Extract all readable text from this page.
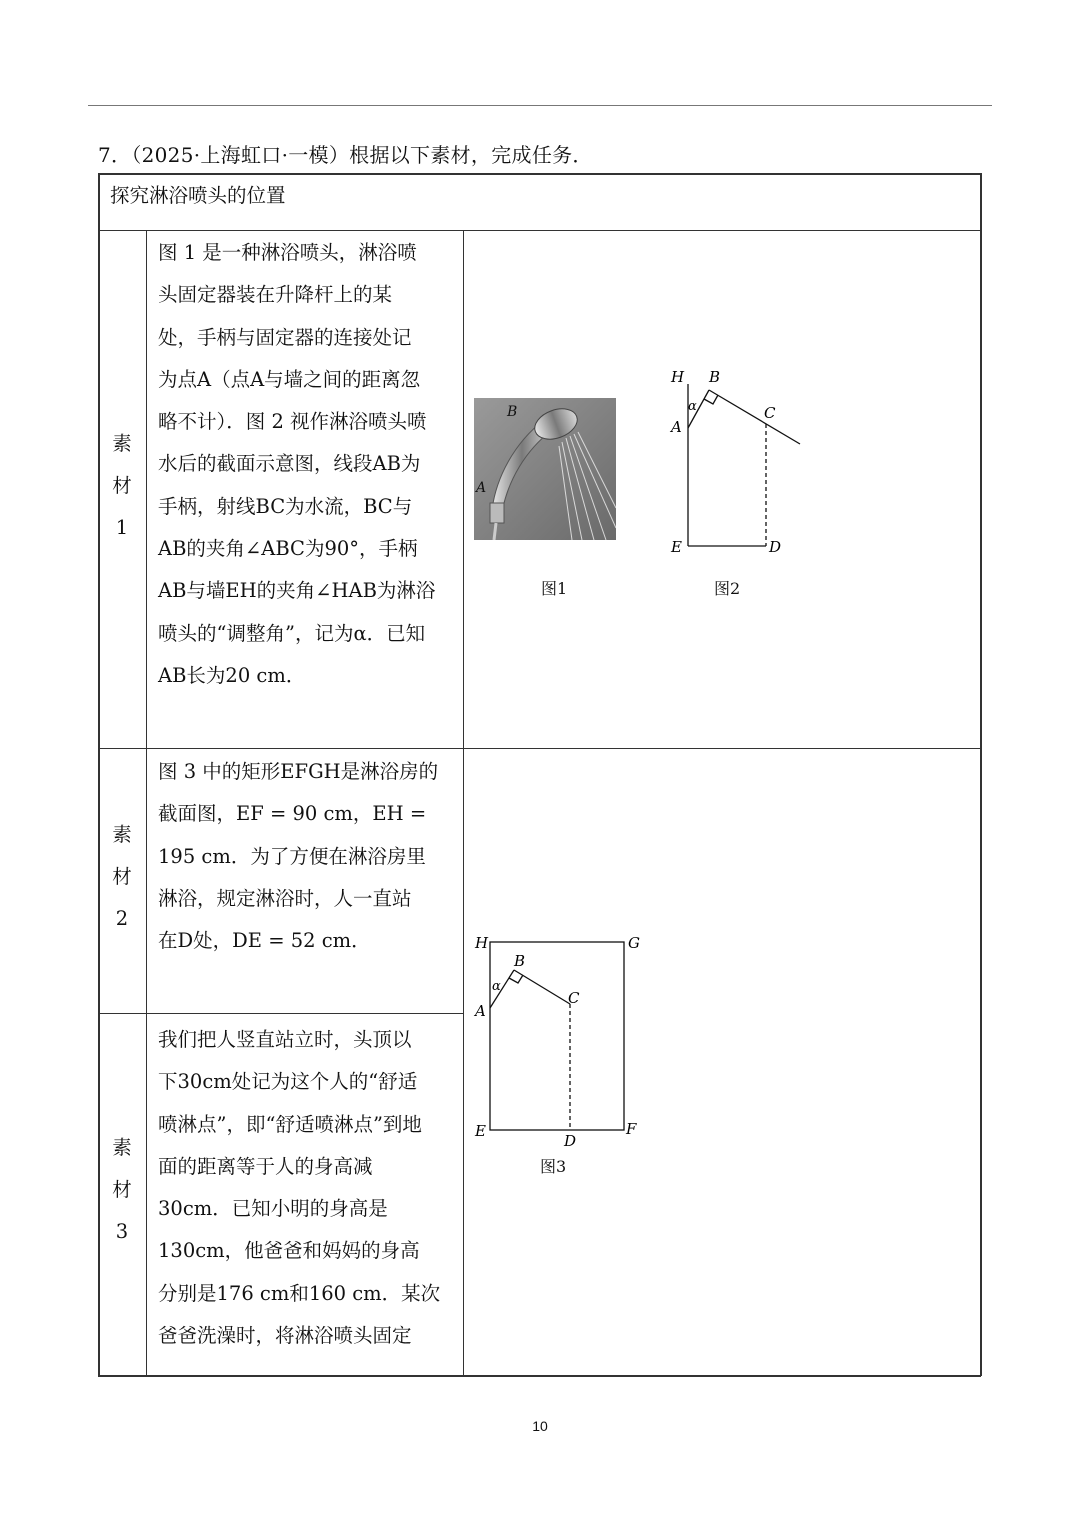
7．（2025·上海虹口·一模）根据以下素材，完成任务．
探究淋浴喷头的位置
素
材
1
图 1 是一种淋浴喷头，淋浴喷
头固定器装在升降杆上的某
处，手柄与固定器的连接处记
为点A（点A与墙之间的距离忽
略不计）．图 2 视作淋浴喷头喷
水后的截面示意图，线段AB为
手柄，射线BC为水流，BC与
AB的夹角∠ABC为90°，手柄
AB与墙EH的夹角∠HAB为淋浴
喷头的“调整角”，记为α．已知
AB长为20 cm．
素
材
2
图 3 中的矩形EFGH是淋浴房的
截面图，EF = 90 cm，EH =
195 cm．为了方便在淋浴房里
淋浴，规定淋浴时，人一直站
在D处，DE = 52 cm．
素
材
3
我们把人竖直站立时，头顶以
下30cm处记为这个人的“舒适
喷淋点”，即“舒适喷淋点”到地
面的距离等于人的身高减
30cm．已知小明的身高是
130cm，他爸爸和妈妈的身高
分别是176 cm和160 cm．某次
爸爸洗澡时，将淋浴喷头固定
B
A
图1
H B
C
α
A
E	D
图2
H	G
B
C
α
A
E
D
F
图3
10
